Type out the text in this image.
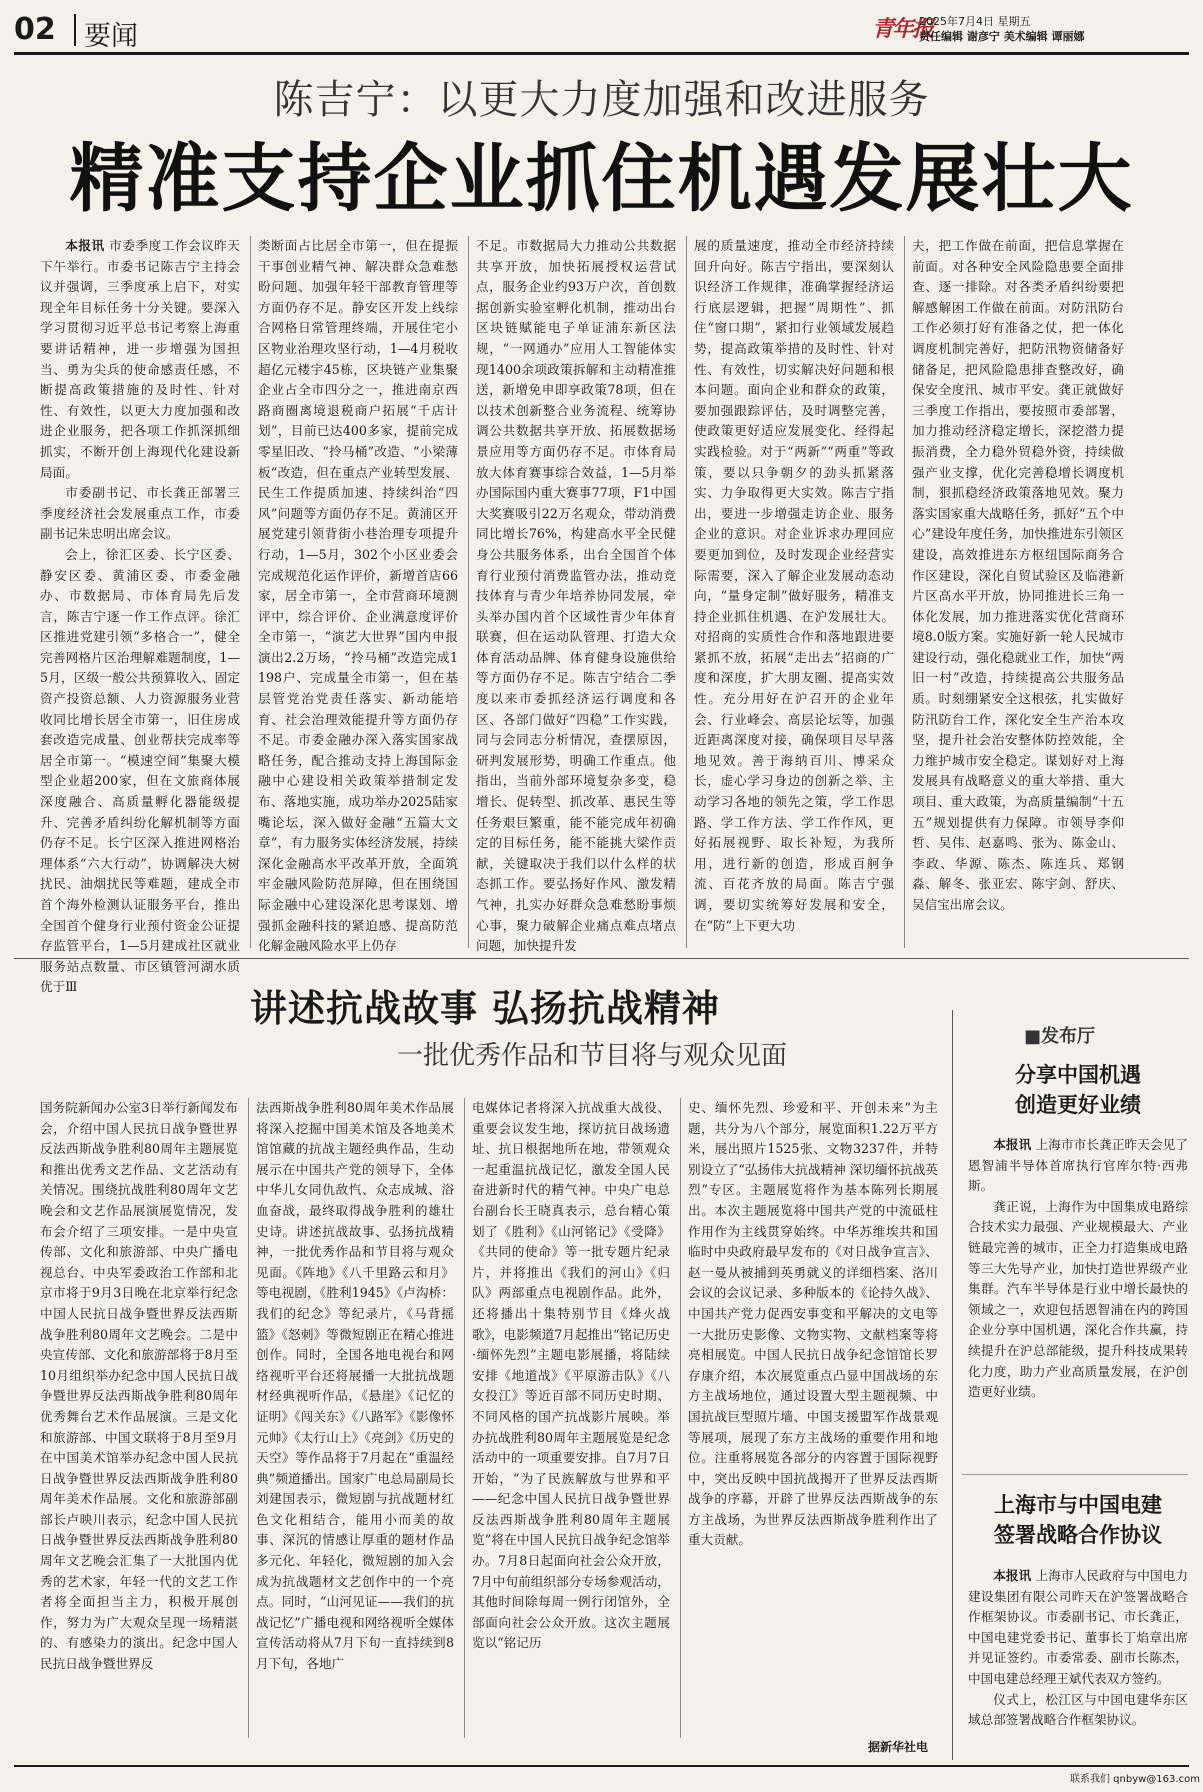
02 要闻	青年报
2025年7月4日 星期五
责任编辑 谢彦宁 美术编辑 谭丽娜
陈吉宁：以更大力度加强和改进服务
精准支持企业抓住机遇发展壮大

本报讯 市委季度工作会议昨天下午举行。市委书记陈吉宁主持会议并强调，三季度承上启下，对实现全年目标任务十分关键。要深入学习贯彻习近平总书记考察上海重要讲话精神，进一步增强为国担当、勇为尖兵的使命感责任感，不断提高政策措施的及时性、针对性、有效性，以更大力度加强和改进企业服务，把各项工作抓深抓细抓实，不断开创上海现代化建设新局面。

市委副书记、市长龚正部署三季度经济社会发展重点工作，市委副书记朱忠明出席会议。

会上，徐汇区委、长宁区委、静安区委、黄浦区委、市委金融办、市数据局、市体育局先后发言，陈吉宁逐一作工作点评。徐汇区推进党建引领“多格合一”，健全完善网格片区治理解难题制度，1—5月，区级一般公共预算收入、固定资产投资总额、人力资源服务业营收同比增长居全市第一，旧住房成套改造完成量、创业帮扶完成率等居全市第一。“模速空间”集聚大模型企业超200家，但在文旅商体展深度融合、高质量孵化器能级提升、完善矛盾纠纷化解机制等方面仍存不足。长宁区深入推进网格治理体系“六大行动”，协调解决大树扰民、油烟扰民等难题，建成全市首个海外检测认证服务平台，推出全国首个健身行业预付资金公证提存监管平台，1—5月建成社区就业服务站点数量、市区镇管河湖水质优于Ⅲ

类断面占比居全市第一，但在提振干事创业精气神、解决群众急难愁盼问题、加强年轻干部教育管理等方面仍存不足。静安区开发上线综合网格日常管理终端，开展住宅小区物业治理攻坚行动，1—4月税收超亿元楼宇45栋，区块链产业集聚企业占全市四分之一，推进南京西路商圈离境退税商户拓展“千店计划”，目前已达400多家，提前完成零星旧改、“拎马桶”改造、“小梁薄板”改造，但在重点产业转型发展、民生工作提质加速、持续纠治“四风”问题等方面仍存不足。黄浦区开展党建引领背街小巷治理专项提升行动，1—5月，302个小区业委会完成规范化运作评价，新增首店66家，居全市第一，全市营商环境测评中，综合评价、企业满意度评价全市第一，“演艺大世界”国内申报演出2.2万场，“拎马桶”改造完成1198户、完成量全市第一，但在基层管党治党责任落实、新动能培育、社会治理效能提升等方面仍存不足。市委金融办深入落实国家战略任务，配合推动支持上海国际金融中心建设相关政策举措制定发布、落地实施，成功举办2025陆家嘴论坛，深入做好金融“五篇大文章”，有力服务实体经济发展，持续深化金融高水平改革开放，全面筑牢金融风险防范屏障，但在围绕国际金融中心建设深化思考谋划、增强抓金融科技的紧迫感、提高防范化解金融风险水平上仍存

不足。市数据局大力推动公共数据共享开放，加快拓展授权运营试点，服务企业约93万户次，首创数据创新实验室孵化机制，推动出台区块链赋能电子单证浦东新区法规，“一网通办”应用人工智能体实现1400余项政策拆解和主动精准推送，新增免申即享政策78项，但在以技术创新整合业务流程、统筹协调公共数据共享开放、拓展数据场景应用等方面仍存不足。市体育局放大体育赛事综合效益，1—5月举办国际国内重大赛事77项，F1中国大奖赛吸引22万名观众，带动消费同比增长76%，构建高水平全民健身公共服务体系，出台全国首个体育行业预付消费监管办法，推动竞技体育与青少年培养协同发展，牵头举办国内首个区域性青少年体育联赛，但在运动队管理、打造大众体育活动品牌、体育健身设施供给等方面仍存不足。陈吉宁结合二季度以来市委抓经济运行调度和各区、各部门做好“四稳”工作实践，同与会同志分析情况，查摆原因，研判发展形势，明确工作重点。他指出，当前外部环境复杂多变，稳增长、促转型、抓改革、惠民生等任务艰巨繁重，能不能完成年初确定的目标任务，能不能挑大梁作贡献，关键取决于我们以什么样的状态抓工作。要弘扬好作风、激发精气神，扎实办好群众急难愁盼事烦心事，聚力破解企业痛点难点堵点问题，加快提升发

展的质量速度，推动全市经济持续回升向好。陈吉宁指出，要深刻认识经济工作规律，准确掌握经济运行底层逻辑，把握“周期性”、抓住“窗口期”，紧扣行业领域发展趋势，提高政策举措的及时性、针对性、有效性，切实解决好问题和根本问题。面向企业和群众的政策，要加强跟踪评估，及时调整完善，使政策更好适应发展变化、经得起实践检验。对于“两新”“两重”等政策，要以只争朝夕的劲头抓紧落实、力争取得更大实效。陈吉宁指出，要进一步增强走访企业、服务企业的意识。对企业诉求办理回应要更加到位，及时发现企业经营实际需要，深入了解企业发展动态动向，“量身定制”做好服务，精准支持企业抓住机遇、在沪发展壮大。对招商的实质性合作和落地跟进要紧抓不放，拓展“走出去”招商的广度和深度，扩大朋友圈、提高实效性。充分用好在沪召开的企业年会、行业峰会、高层论坛等，加强近距离深度对接，确保项目尽早落地见效。善于海纳百川、博采众长，虚心学习身边的创新之举、主动学习各地的领先之策，学工作思路、学工作方法、学工作作风，更好拓展视野、取长补短，为我所用，进行新的创造，形成百舸争流、百花齐放的局面。陈吉宁强调，要切实统筹好发展和安全，在“防”上下更大功

夫，把工作做在前面，把信息掌握在前面。对各种安全风险隐患要全面排查、逐一排除。对各类矛盾纠纷要把解感解困工作做在前面。对防汛防台工作必须打好有准备之仗，把一体化调度机制完善好，把防汛物资储备好储备足，把风险隐患排查整改好，确保安全度汛、城市平安。龚正就做好三季度工作指出，要按照市委部署，加力推动经济稳定增长，深挖潜力提振消费，全力稳外贸稳外资，持续做强产业支撑，优化完善稳增长调度机制，狠抓稳经济政策落地见效。聚力落实国家重大战略任务，抓好“五个中心”建设年度任务，加快推进东引领区建设，高效推进东方枢纽国际商务合作区建设，深化自贸试验区及临港新片区高水平开放，协同推进长三角一体化发展，加力推进落实优化营商环境8.0版方案。实施好新一轮人民城市建设行动，强化稳就业工作，加快“两旧一村”改造，持续提高公共服务品质。时刻绷紧安全这根弦，扎实做好防汛防台工作，深化安全生产治本攻坚，提升社会治安整体防控效能，全力维护城市安全稳定。谋划好对上海发展具有战略意义的重大举措、重大项目、重大政策，为高质量编制“十五五”规划提供有力保障。市领导李仰哲、吴伟、赵嘉鸣、张为、陈金山、李政、华源、陈杰、陈连兵、郑钢淼、解冬、张亚宏、陈宇剑、舒庆、吴信宝出席会议。

讲述抗战故事 弘扬抗战精神
一批优秀作品和节目将与观众见面

国务院新闻办公室3日举行新闻发布会，介绍中国人民抗日战争暨世界反法西斯战争胜利80周年主题展览和推出优秀文艺作品、文艺活动有关情况。围绕抗战胜利80周年文艺晚会和文艺作品展演展览情况，发布会介绍了三项安排。一是中央宣传部、文化和旅游部、中央广播电视总台、中央军委政治工作部和北京市将于9月3日晚在北京举行纪念中国人民抗日战争暨世界反法西斯战争胜利80周年文艺晚会。二是中央宣传部、文化和旅游部将于8月至10月组织举办纪念中国人民抗日战争暨世界反法西斯战争胜利80周年优秀舞台艺术作品展演。三是文化和旅游部、中国文联将于8月至9月在中国美术馆举办纪念中国人民抗日战争暨世界反法西斯战争胜利80周年美术作品展。文化和旅游部副部长卢映川表示，纪念中国人民抗日战争暨世界反法西斯战争胜利80周年文艺晚会汇集了一大批国内优秀的艺术家，年轻一代的文艺工作者将全面担当主力，积极开展创作，努力为广大观众呈现一场精湛的、有感染力的演出。纪念中国人民抗日战争暨世界反

法西斯战争胜利80周年美术作品展将深入挖掘中国美术馆及各地美术馆馆藏的抗战主题经典作品，生动展示在中国共产党的领导下，全体中华儿女同仇敌忾、众志成城、浴血奋战，最终取得战争胜利的雄壮史诗。讲述抗战故事、弘扬抗战精神，一批优秀作品和节目将与观众见面。《阵地》《八千里路云和月》等电视剧，《胜利1945》《卢沟桥：我们的纪念》等纪录片，《马背摇篮》《怒刺》等微短剧正在精心推进创作。同时，全国各地电视台和网络视听平台还将展播一大批抗战题材经典视听作品，《悬崖》《记忆的证明》《闯关东》《八路军》《影像怀元帅》《太行山上》《亮剑》《历史的天空》等作品将于7月起在“重温经典”频道播出。国家广电总局副局长刘建国表示，微短剧与抗战题材红色文化相结合，能用小而美的故事、深沉的情感让厚重的题材作品多元化、年轻化，微短剧的加入会成为抗战题材文艺创作中的一个亮点。同时，“山河见证——我们的抗战记忆”广播电视和网络视听全媒体宣传活动将从7月下旬一直持续到8月下旬，各地广

电媒体记者将深入抗战重大战役、重要会议发生地，探访抗日战场遗址、抗日根据地所在地，带领观众一起重温抗战记忆，激发全国人民奋进新时代的精气神。中央广电总台副台长王晓真表示，总台精心策划了《胜利》《山河铭记》《受降》《共同的使命》等一批专题片纪录片，并将推出《我们的河山》《归队》两部重点电视剧作品。此外，还将播出十集特别节目《烽火战歌》，电影频道7月起推出“铭记历史·缅怀先烈”主题电影展播，将陆续安排《地道战》《平原游击队》《八女投江》等近百部不同历史时期、不同风格的国产抗战影片展映。举办抗战胜利80周年主题展览是纪念活动中的一项重要安排。自7月7日开始，“为了民族解放与世界和平——纪念中国人民抗日战争暨世界反法西斯战争胜利80周年主题展览”将在中国人民抗日战争纪念馆举办。7月8日起面向社会公众开放，7月中旬前组织部分专场参观活动，其他时间除每周一例行闭馆外，全部面向社会公众开放。这次主题展览以“铭记历

史、缅怀先烈、珍爱和平、开创未来”为主题，共分为八个部分，展览面积1.22万平方米，展出照片1525张、文物3237件，并特别设立了“弘扬伟大抗战精神 深切缅怀抗战英烈”专区。主题展览将作为基本陈列长期展出。本次主题展览将中国共产党的中流砥柱作用作为主线贯穿始终。中华苏维埃共和国临时中央政府最早发布的《对日战争宣言》、赵一曼从被捕到英勇就义的详细档案、洛川会议的会议记录、多种版本的《论持久战》、中国共产党力促西安事变和平解决的文电等一大批历史影像、文物实物、文献档案等将亮相展览。中国人民抗日战争纪念馆馆长罗存康介绍，本次展览重点凸显中国战场的东方主战场地位，通过设置大型主题视频、中国抗战巨型照片墙、中国支援盟军作战景观等展项，展现了东方主战场的重要作用和地位。注重将展览各部分的内容置于国际视野中，突出反映中国抗战揭开了世界反法西斯战争的序幕，开辟了世界反法西斯战争的东方主战场，为世界反法西斯战争胜利作出了重大贡献。

据新华社电
■发布厅
分享中国机遇
创造更好业绩

本报讯 上海市市长龚正昨天会见了恩智浦半导体首席执行官库尔特·西弗斯。

龚正说，上海作为中国集成电路综合技术实力最强、产业规模最大、产业链最完善的城市，正全力打造集成电路等三大先导产业，加快打造世界级产业集群。汽车半导体是行业中增长最快的领域之一，欢迎包括恩智浦在内的跨国企业分享中国机遇，深化合作共赢，持续提升在沪总部能级，提升科技成果转化力度，助力产业高质量发展，在沪创造更好业绩。

上海市与中国电建
签署战略合作协议

本报讯 上海市人民政府与中国电力建设集团有限公司昨天在沪签署战略合作框架协议。市委副书记、市长龚正，中国电建党委书记、董事长丁焰章出席并见证签约。市委常委、副市长陈杰，中国电建总经理王斌代表双方签约。

仪式上，松江区与中国电建华东区域总部签署战略合作框架协议。

联系我们 qnbyw@163.com
